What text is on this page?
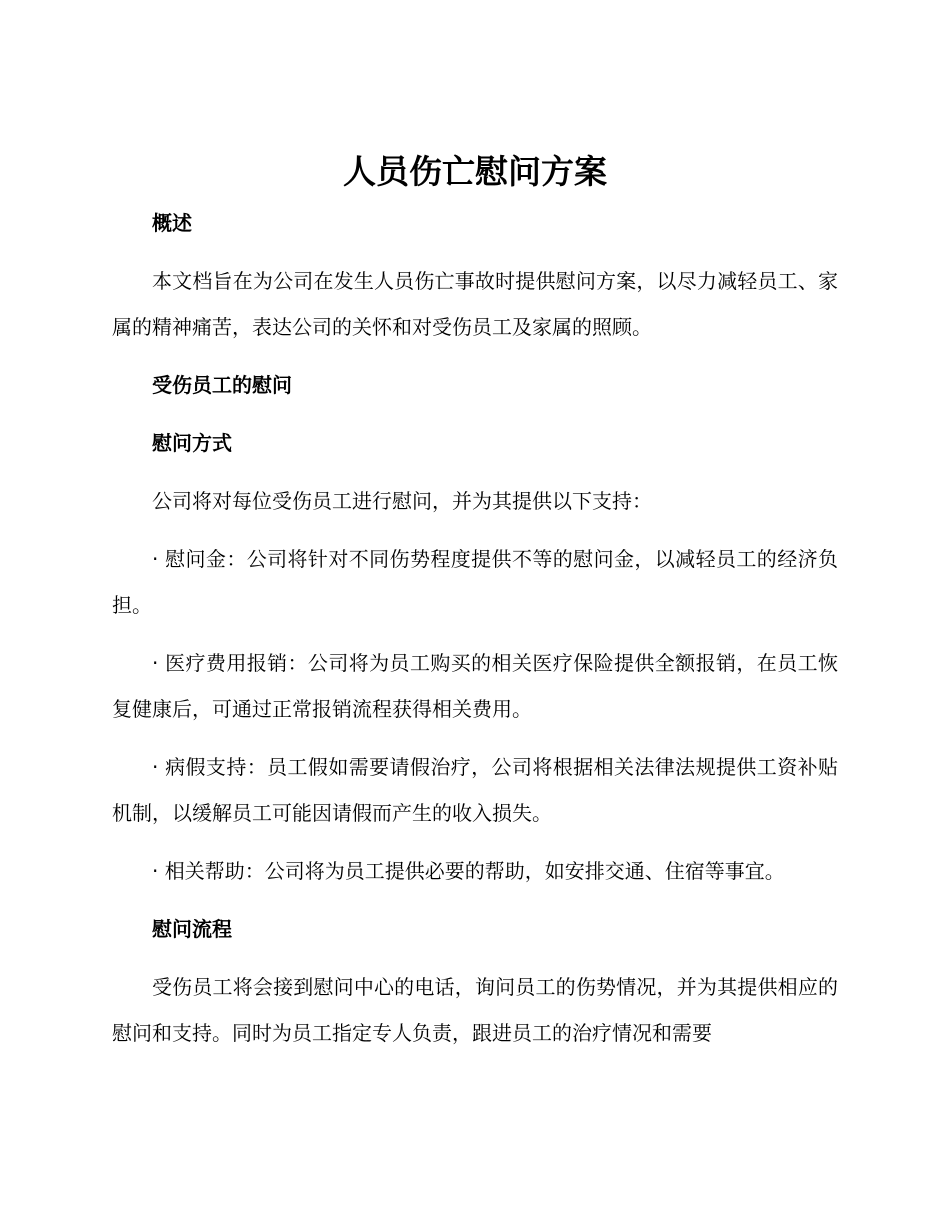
人员伤亡慰问方案
概述

本文档旨在为公司在发生人员伤亡事故时提供慰问方案，以尽力减轻员工、家属的精神痛苦，表达公司的关怀和对受伤员工及家属的照顾。

受伤员工的慰问
慰问方式

公司将对每位受伤员工进行慰问，并为其提供以下支持：

· 慰问金：公司将针对不同伤势程度提供不等的慰问金，以减轻员工的经济负担。

· 医疗费用报销：公司将为员工购买的相关医疗保险提供全额报销，在员工恢复健康后，可通过正常报销流程获得相关费用。

· 病假支持：员工假如需要请假治疗，公司将根据相关法律法规提供工资补贴机制，以缓解员工可能因请假而产生的收入损失。

· 相关帮助：公司将为员工提供必要的帮助，如安排交通、住宿等事宜。

慰问流程

受伤员工将会接到慰问中心的电话，询问员工的伤势情况，并为其提供相应的慰问和支持。同时为员工指定专人负责，跟进员工的治疗情况和需要
